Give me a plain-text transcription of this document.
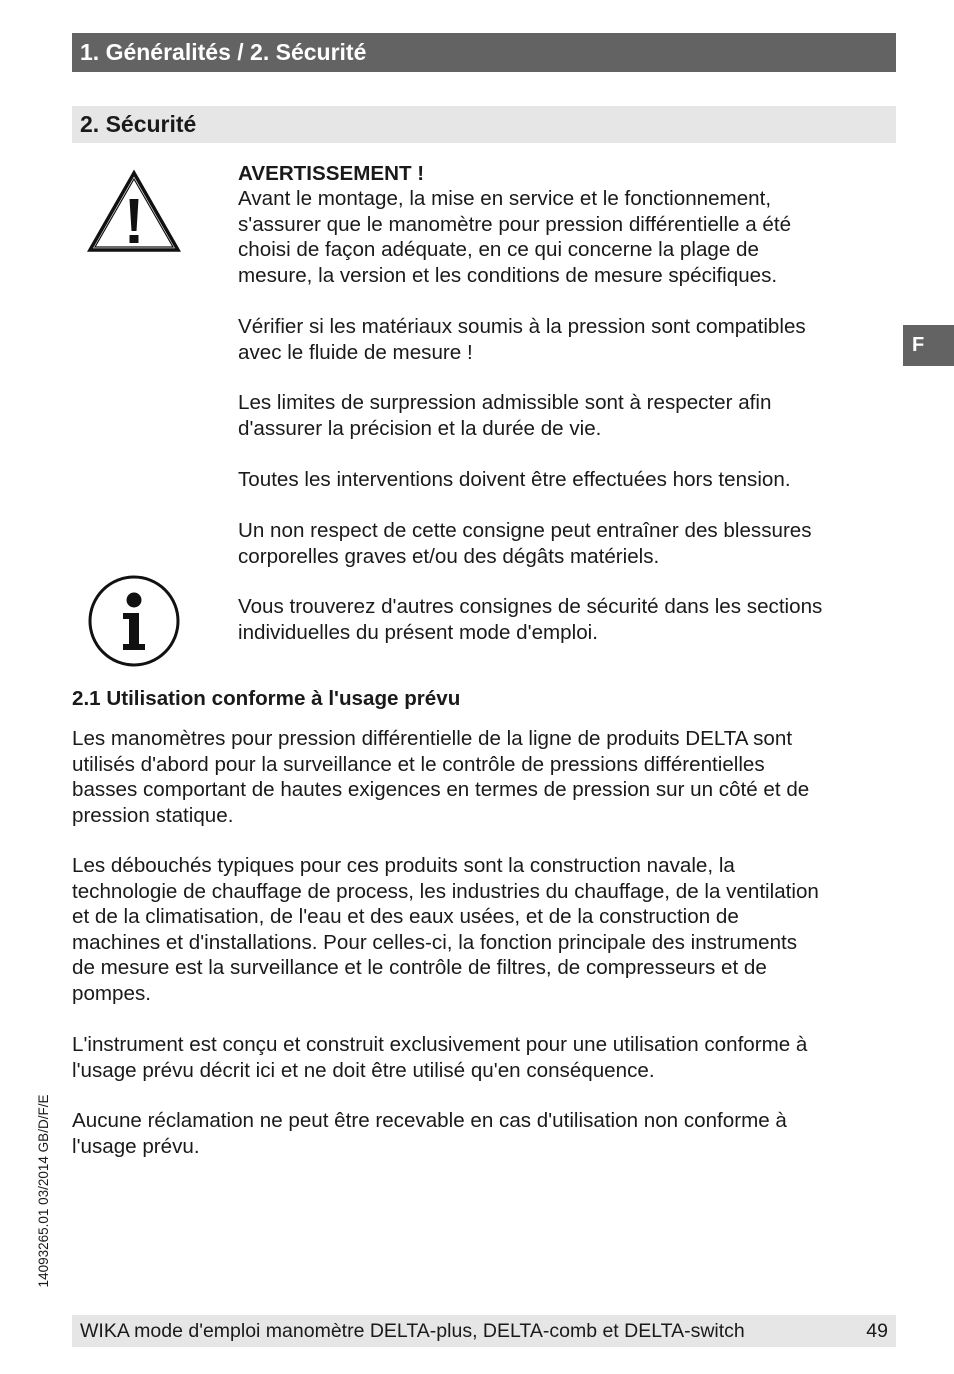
1. Généralités / 2. Sécurité
2. Sécurité

AVERTISSEMENT !

Avant le montage, la mise en service et le fonctionnement,
s'assurer que le manomètre pour pression différentielle a été
choisi de façon adéquate, en ce qui concerne la plage de
mesure, la version et les conditions de mesure spécifiques.

Vérifier si les matériaux soumis à la pression sont compatibles
avec le fluide de mesure !

Les limites de surpression admissible sont à respecter afin
d'assurer la précision et la durée de vie.

Toutes les interventions doivent être effectuées hors tension.

Un non respect de cette consigne peut entraîner des blessures
corporelles graves et/ou des dégâts matériels.

Vous trouverez d'autres consignes de sécurité dans les sections
individuelles du présent mode d'emploi.

2.1 Utilisation conforme à l'usage prévu

Les manomètres pour pression différentielle de la ligne de produits DELTA sont
utilisés d'abord pour la surveillance et le contrôle de pressions différentielles
basses comportant de hautes exigences en termes de pression sur un côté et de
pression statique.

Les débouchés typiques pour ces produits sont la construction navale, la
technologie de chauffage de process, les industries du chauffage, de la ventilation
et de la climatisation, de l'eau et des eaux usées, et de la construction de
machines et d'installations. Pour celles-ci, la fonction principale des instruments
de mesure est la surveillance et le contrôle de filtres, de compresseurs et de
pompes.

L'instrument est conçu et construit exclusivement pour une utilisation conforme à
l'usage prévu décrit ici et ne doit être utilisé qu'en conséquence.

Aucune réclamation ne peut être recevable en cas d'utilisation non conforme à
l'usage prévu.

F
14093265.01 03/2014 GB/D/F/E
WIKA mode d'emploi manomètre DELTA-plus, DELTA-comb et DELTA-switch	49
